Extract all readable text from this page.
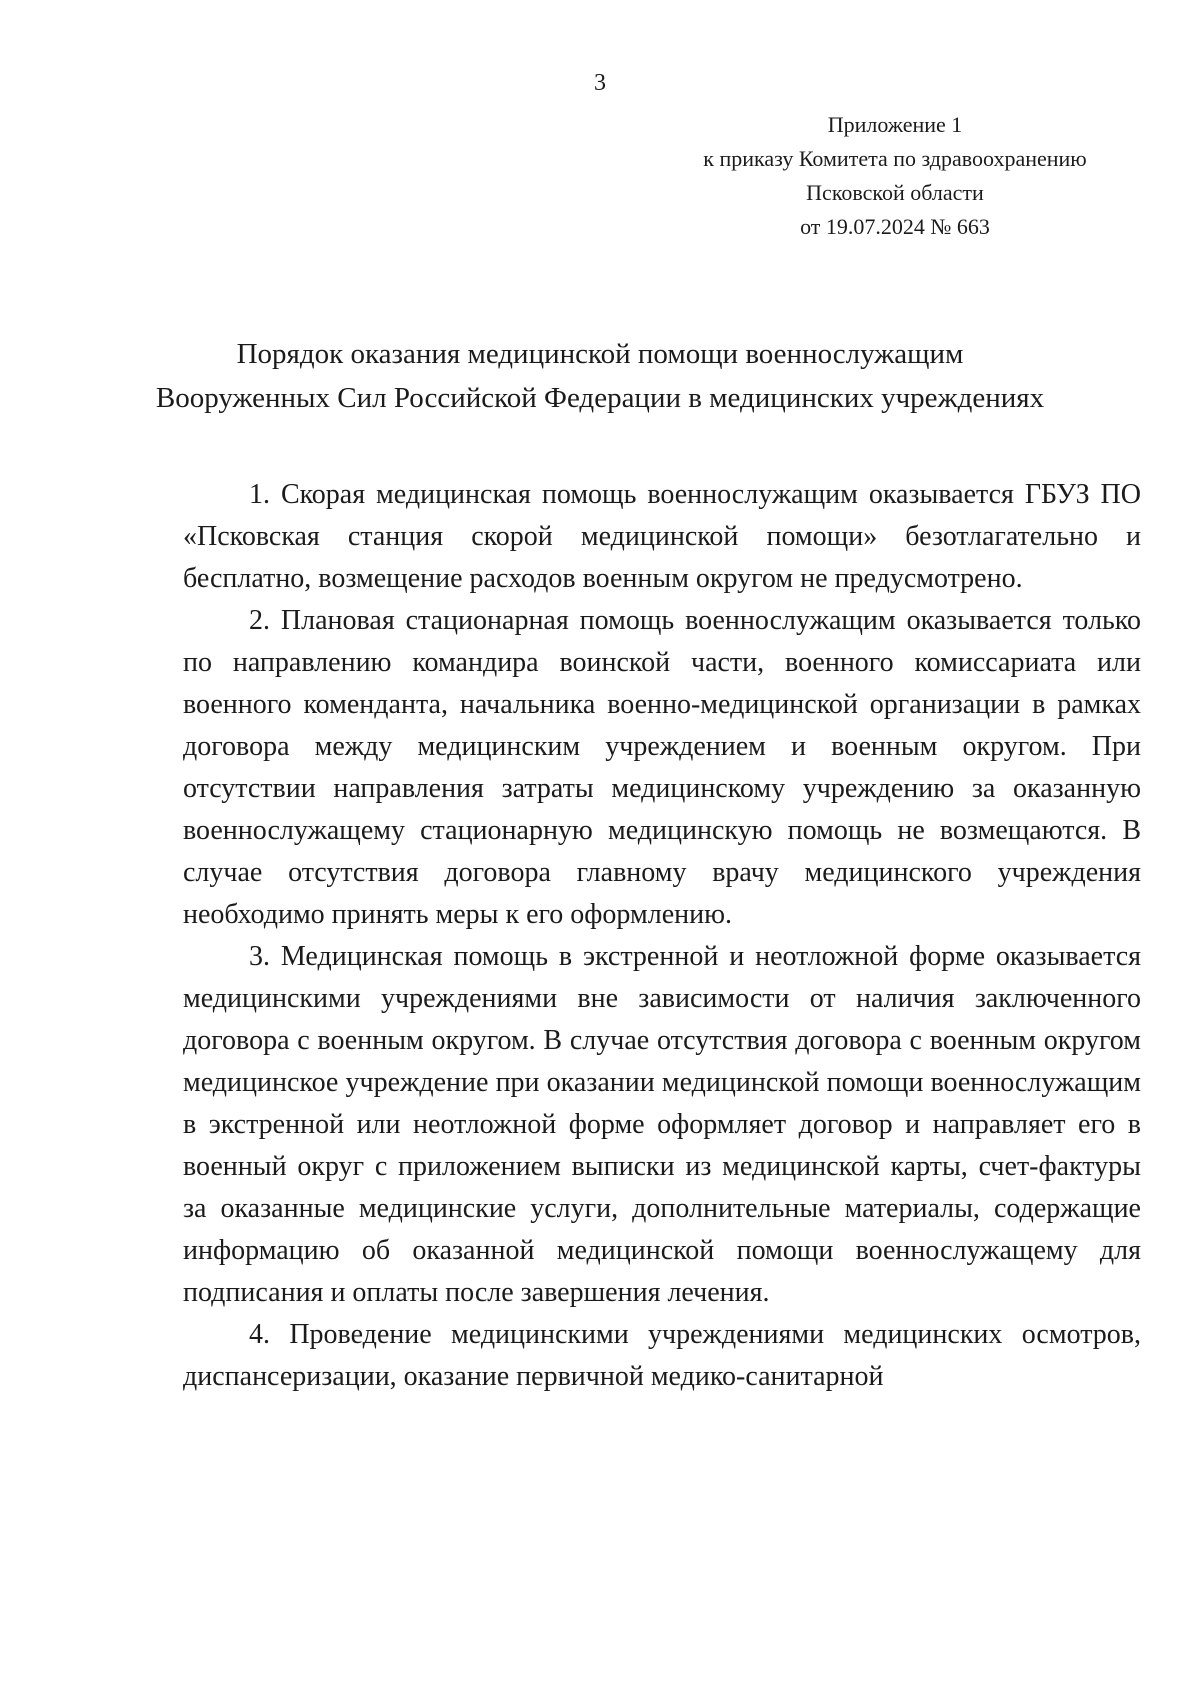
3
Приложение 1
к приказу Комитета по здравоохранению
Псковской области
от 19.07.2024 № 663
Порядок оказания медицинской помощи военнослужащим
Вооруженных Сил Российской Федерации в медицинских учреждениях

1. Скорая медицинская помощь военнослужащим оказывается ГБУЗ ПО «Псковская станция скорой медицинской помощи» безотлагательно и бесплатно, возмещение расходов военным округом не предусмотрено.

2. Плановая стационарная помощь военнослужащим оказывается только по направлению командира воинской части, военного комиссариата или военного коменданта, начальника военно-медицинской организации в рамках договора между медицинским учреждением и военным округом. При отсутствии направления затраты медицинскому учреждению за оказанную военнослужащему стационарную медицинскую помощь не возмещаются. В случае отсутствия договора главному врачу медицинского учреждения необходимо принять меры к его оформлению.

3. Медицинская помощь в экстренной и неотложной форме оказывается медицинскими учреждениями вне зависимости от наличия заключенного договора с военным округом. В случае отсутствия договора с военным округом медицинское учреждение при оказании медицинской помощи военнослужащим в экстренной или неотложной форме оформляет договор и направляет его в военный округ с приложением выписки из медицинской карты, счет-фактуры за оказанные медицинские услуги, дополнительные материалы, содержащие информацию об оказанной медицинской помощи военнослужащему для подписания и оплаты после завершения лечения.

4. Проведение медицинскими учреждениями медицинских осмотров, диспансеризации, оказание первичной медико-санитарной
